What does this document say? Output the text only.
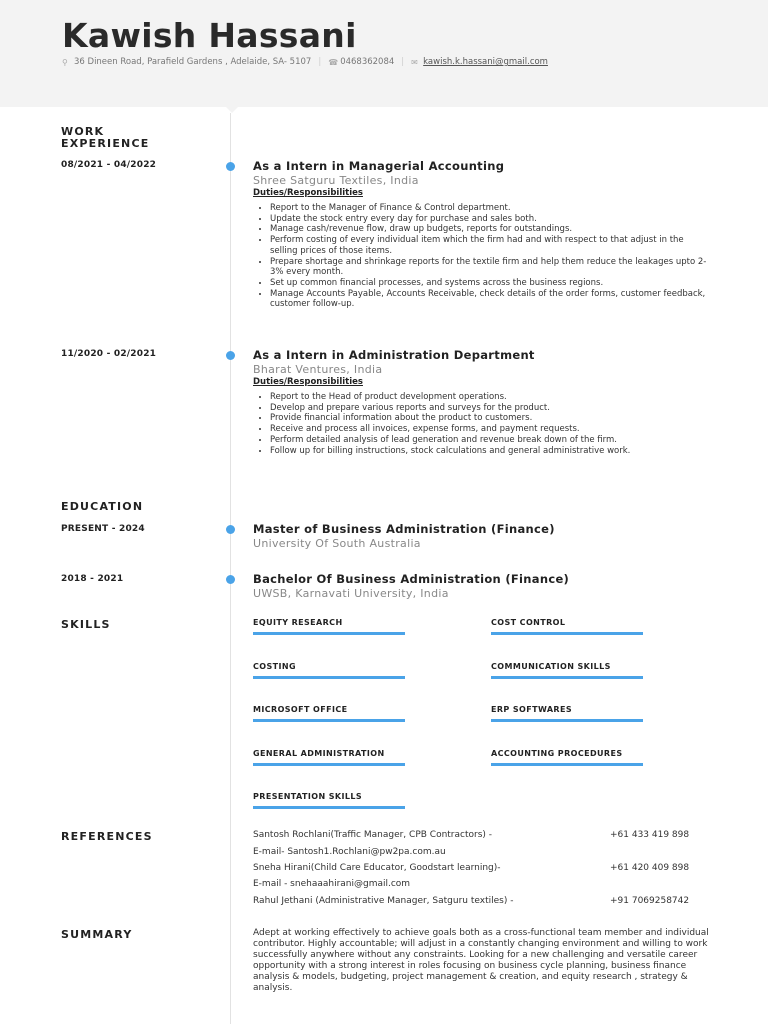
Kawish Hassani
⚲ 36 Dineen Road, Parafield Gardens , Adelaide, SA- 5107 | ☎ 0468362084 | ✉ kawish.k.hassani@gmail.com
WORK EXPERIENCE
08/2021 - 04/2022	As a Intern in Managerial Accounting
Shree Satguru Textiles, India
Duties/Responsibilities
• Report to the Manager of Finance & Control department.
• Update the stock entry every day for purchase and sales both.
• Manage cash/revenue flow, draw up budgets, reports for outstandings.
• Perform costing of every individual item which the firm had and with respect to that adjust in the selling prices of those items.
• Prepare shortage and shrinkage reports for the textile firm and help them reduce the leakages upto 2-3% every month.
• Set up common financial processes, and systems across the business regions.
• Manage Accounts Payable, Accounts Receivable, check details of the order forms, customer feedback, customer follow-up.
11/2020 - 02/2021	As a Intern in Administration Department
Bharat Ventures, India
Duties/Responsibilities
• Report to the Head of product development operations.
• Develop and prepare various reports and surveys for the product.
• Provide financial information about the product to customers.
• Receive and process all invoices, expense forms, and payment requests.
• Perform detailed analysis of lead generation and revenue break down of the firm.
• Follow up for billing instructions, stock calculations and general administrative work.
EDUCATION
PRESENT - 2024	Master of Business Administration (Finance)
University Of South Australia
2018 - 2021	Bachelor Of Business Administration (Finance)
UWSB, Karnavati University, India
SKILLS	EQUITY RESEARCH	COST CONTROL
COSTING	COMMUNICATION SKILLS
MICROSOFT OFFICE	ERP SOFTWARES
GENERAL ADMINISTRATION	ACCOUNTING PROCEDURES
PRESENTATION SKILLS
REFERENCES	Santosh Rochlani(Traffic Manager, CPB Contractors) -	+61 433 419 898
E-mail- Santosh1.Rochlani@pw2pa.com.au
Sneha Hirani(Child Care Educator, Goodstart learning)-	+61 420 409 898
E-mail - snehaaahirani@gmail.com
Rahul Jethani (Administrative Manager, Satguru textiles) -	+91 7069258742
SUMMARY	Adept at working effectively to achieve goals both as a cross-functional team member and individual contributor. Highly accountable; will adjust in a constantly changing environment and willing to work successfully anywhere without any constraints. Looking for a new challenging and versatile career opportunity with a strong interest in roles focusing on business cycle planning, business finance analysis & models, budgeting, project management & creation, and equity research , strategy & analysis.
